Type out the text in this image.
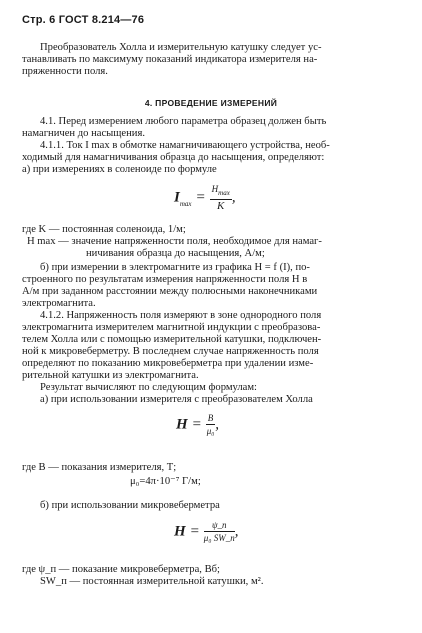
Стр. 6 ГОСТ 8.214—76
Преобразователь Холла и измерительную катушку следует ус-
танавливать по максимуму показаний индикатора измерителя на-
пряженности поля.
4. ПРОВЕДЕНИЕ ИЗМЕРЕНИЙ
4.1. Перед измерением любого параметра образец должен быть
намагничен до насыщения.
4.1.1. Ток I max в обмотке намагничивающего устройства, необ-
ходимый для намагничивания образца до насыщения, определяют:
а) при измерениях в соленоиде по формуле
$I_{max} = \frac{H_{max}}{K}$ ,
где K — постоянная соленоида, 1/м;
H max — значение напряженности поля, необходимое для намаг-
ничивания образца до насыщения, А/м;
б) при измерении в электромагните из графика H = f (I), по-
строенного по результатам измерения напряженности поля H в
А/м при заданном расстоянии между полюсными наконечниками
электромагнита.
4.1.2. Напряженность поля измеряют в зоне однородного поля
электромагнита измерителем магнитной индукции с преобразова-
телем Холла или с помощью измерительной катушки, подключен-
ной к микровеберметру. В последнем случае напряженность поля
определяют по показанию микровеберметра при удалении изме-
рительной катушки из электромагнита.
Результат вычисляют по следующим формулам:
а) при использовании измерителя с преобразователем Холла
$H = \frac{B}{\text{μ₀}}$ ,
где B — показания измерителя, Т;
μ₀=4π·10⁻⁷ Г/м;
б) при использовании микровеберметра
$H = \frac{\psi\_п}{\text{μ₀ SW\_п}}$ ,
где ψ_п — показание микровеберметра, Вб;
SW_п — постоянная измерительной катушки, м².
